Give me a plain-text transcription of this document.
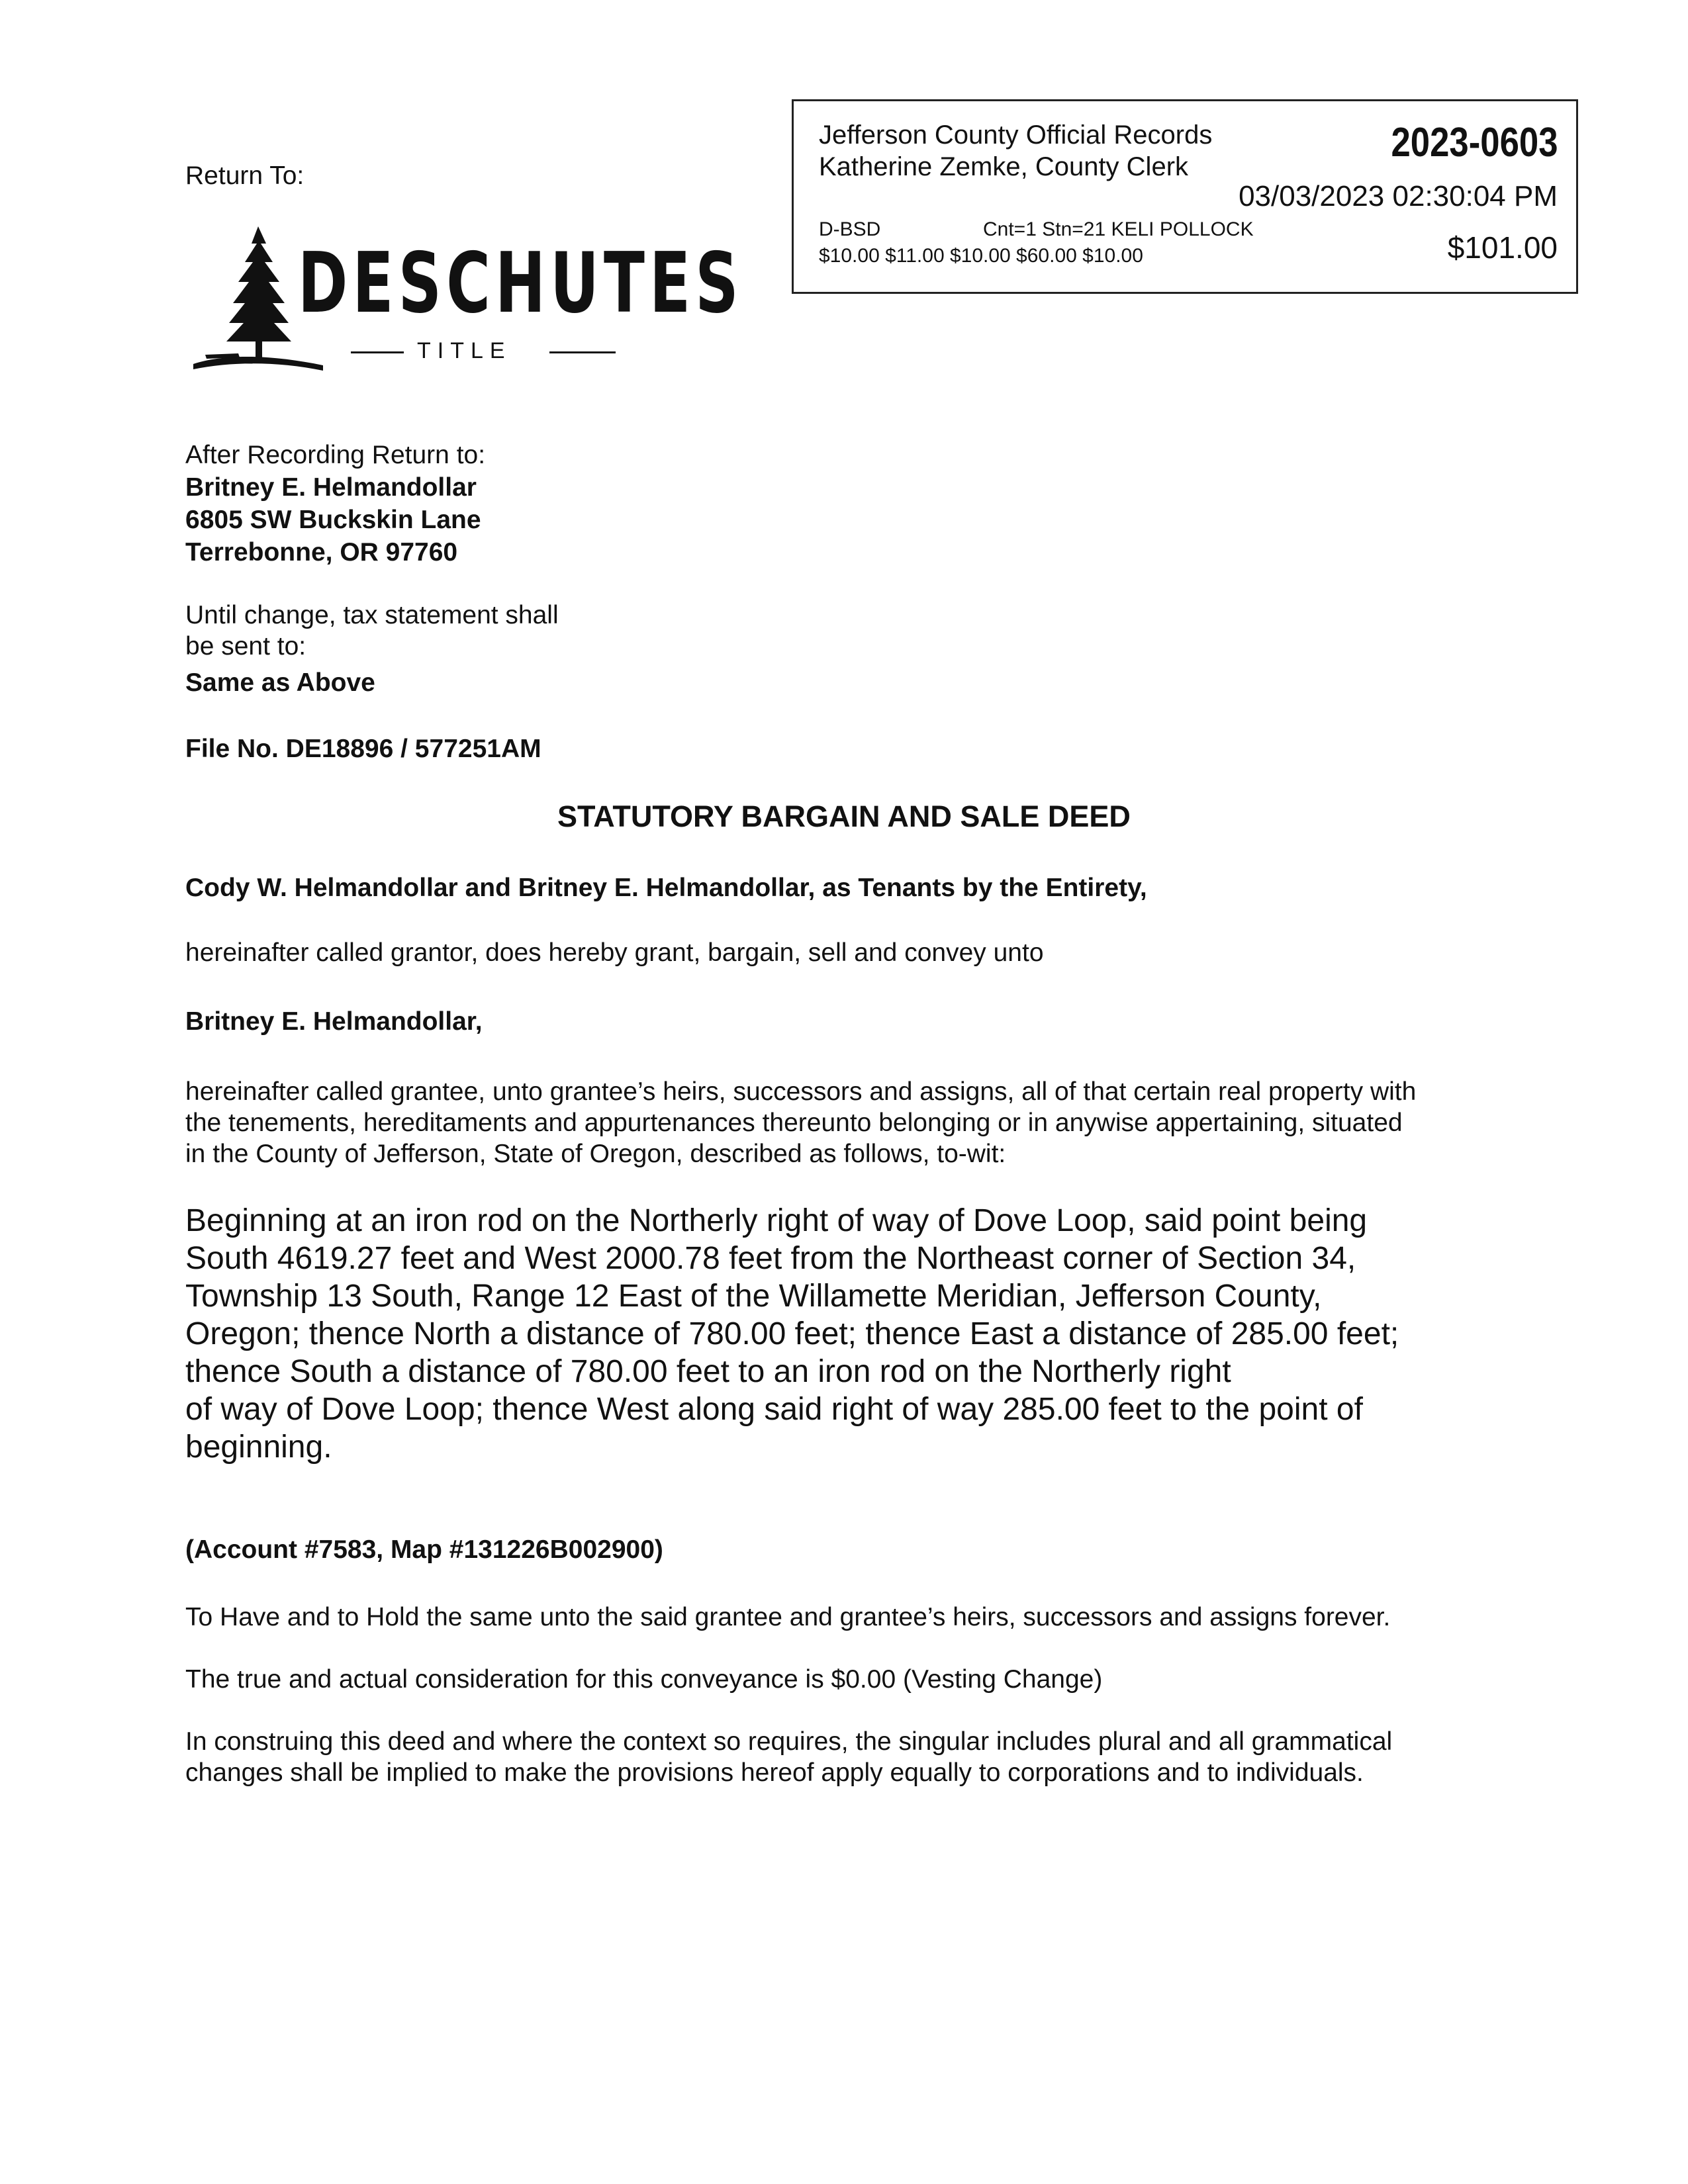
Jefferson County Official Records
Katherine Zemke, County Clerk
2023-0603
03/03/2023 02:30:04 PM
D-BSD	Cnt=1 Stn=21 KELI POLLOCK
$10.00 $11.00 $10.00 $60.00 $10.00	$101.00
Return To:
DESCHUTES
TITLE
After Recording Return to:
Britney E. Helmandollar
6805 SW Buckskin Lane
Terrebonne, OR 97760
Until change, tax statement shall
be sent to:
Same as Above
File No. DE18896 / 577251AM
STATUTORY BARGAIN AND SALE DEED
Cody W. Helmandollar and Britney E. Helmandollar, as Tenants by the Entirety,
hereinafter called grantor, does hereby grant, bargain, sell and convey unto
Britney E. Helmandollar,
hereinafter called grantee, unto grantee’s heirs, successors and assigns, all of that certain real property with
the tenements, hereditaments and appurtenances thereunto belonging or in anywise appertaining, situated
in the County of Jefferson, State of Oregon, described as follows, to-wit:
Beginning at an iron rod on the Northerly right of way of Dove Loop, said point being
South 4619.27 feet and West 2000.78 feet from the Northeast corner of Section 34,
Township 13 South, Range 12 East of the Willamette Meridian, Jefferson County,
Oregon; thence North a distance of 780.00 feet; thence East a distance of 285.00 feet;
thence South a distance of 780.00 feet to an iron rod on the Northerly right
of way of Dove Loop; thence West along said right of way 285.00 feet to the point of
beginning.
(Account #7583, Map #131226B002900)
To Have and to Hold the same unto the said grantee and grantee’s heirs, successors and assigns forever.
The true and actual consideration for this conveyance is $0.00 (Vesting Change)
In construing this deed and where the context so requires, the singular includes plural and all grammatical
changes shall be implied to make the provisions hereof apply equally to corporations and to individuals.
